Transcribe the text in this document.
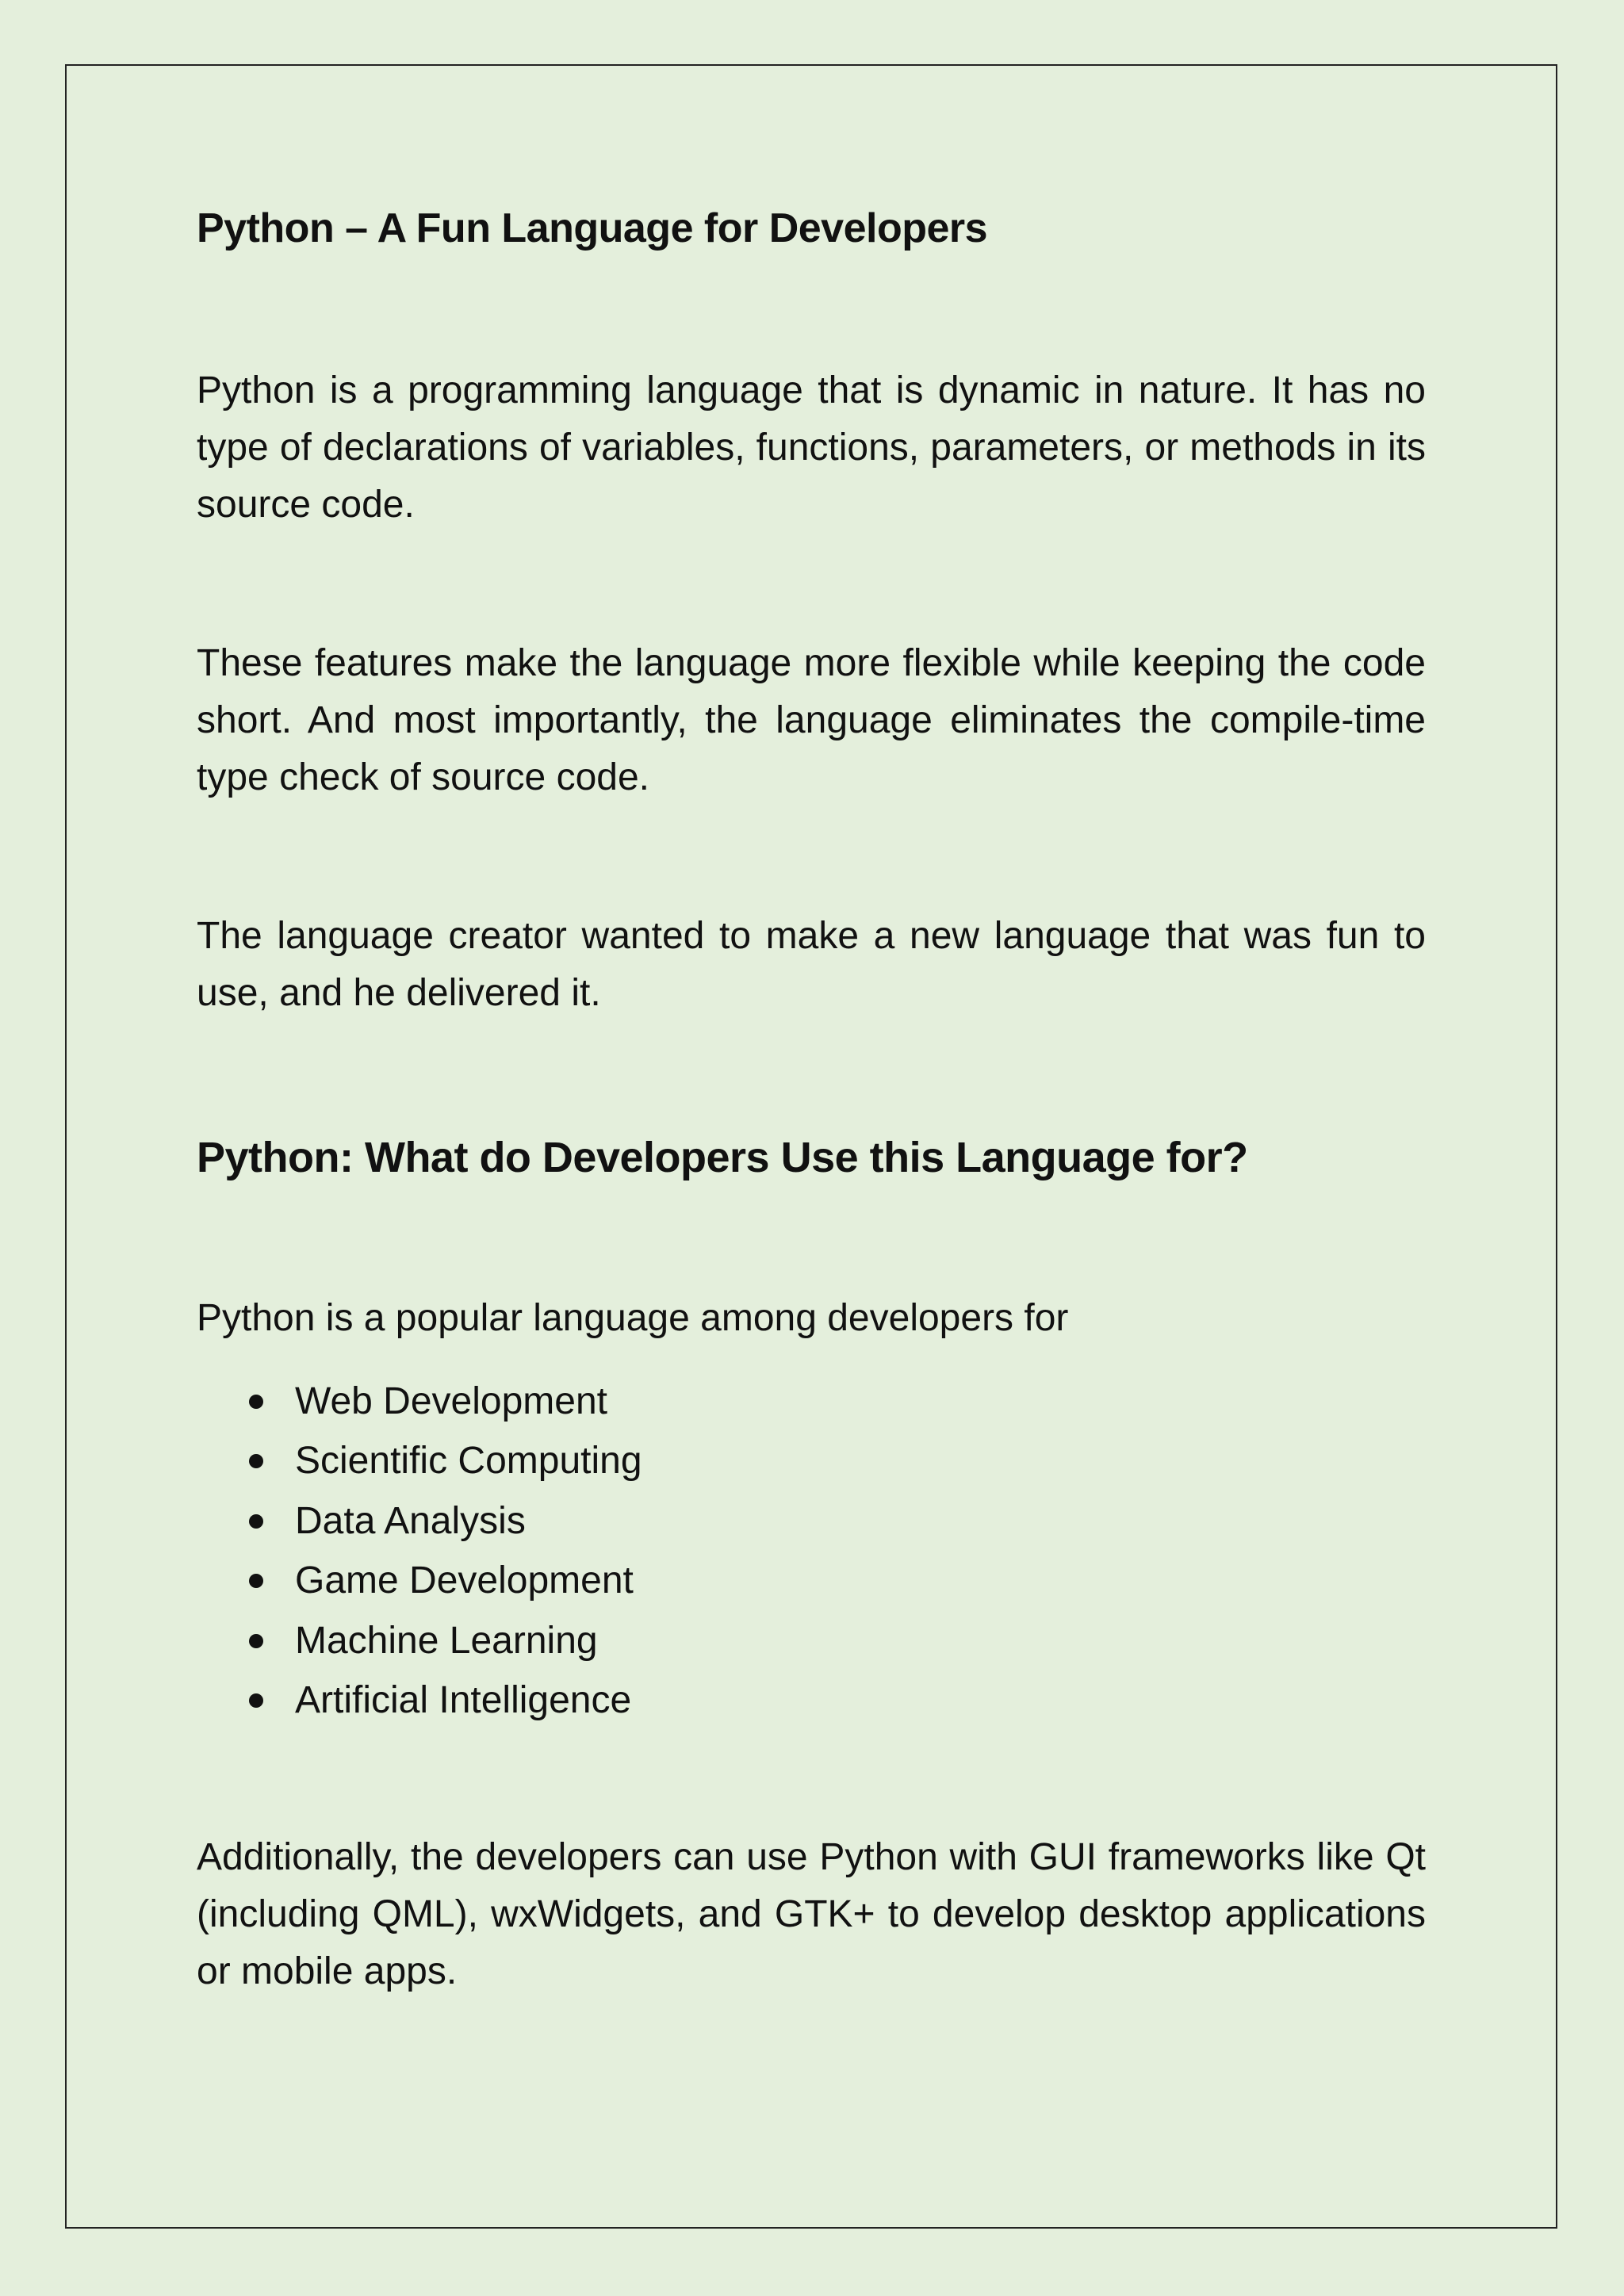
Python – A Fun Language for Developers

Python is a programming language that is dynamic in nature. It has no type of declarations of variables, functions, parameters, or methods in its source code.

These features make the language more flexible while keeping the code short. And most importantly, the language eliminates the compile-time type check of source code.

The language creator wanted to make a new language that was fun to use, and he delivered it.

Python: What do Developers Use this Language for?

Python is a popular language among developers for

Web Development
Scientific Computing
Data Analysis
Game Development
Machine Learning
Artificial Intelligence

Additionally, the developers can use Python with GUI frameworks like Qt (including QML), wxWidgets, and GTK+ to develop desktop applications or mobile apps.
